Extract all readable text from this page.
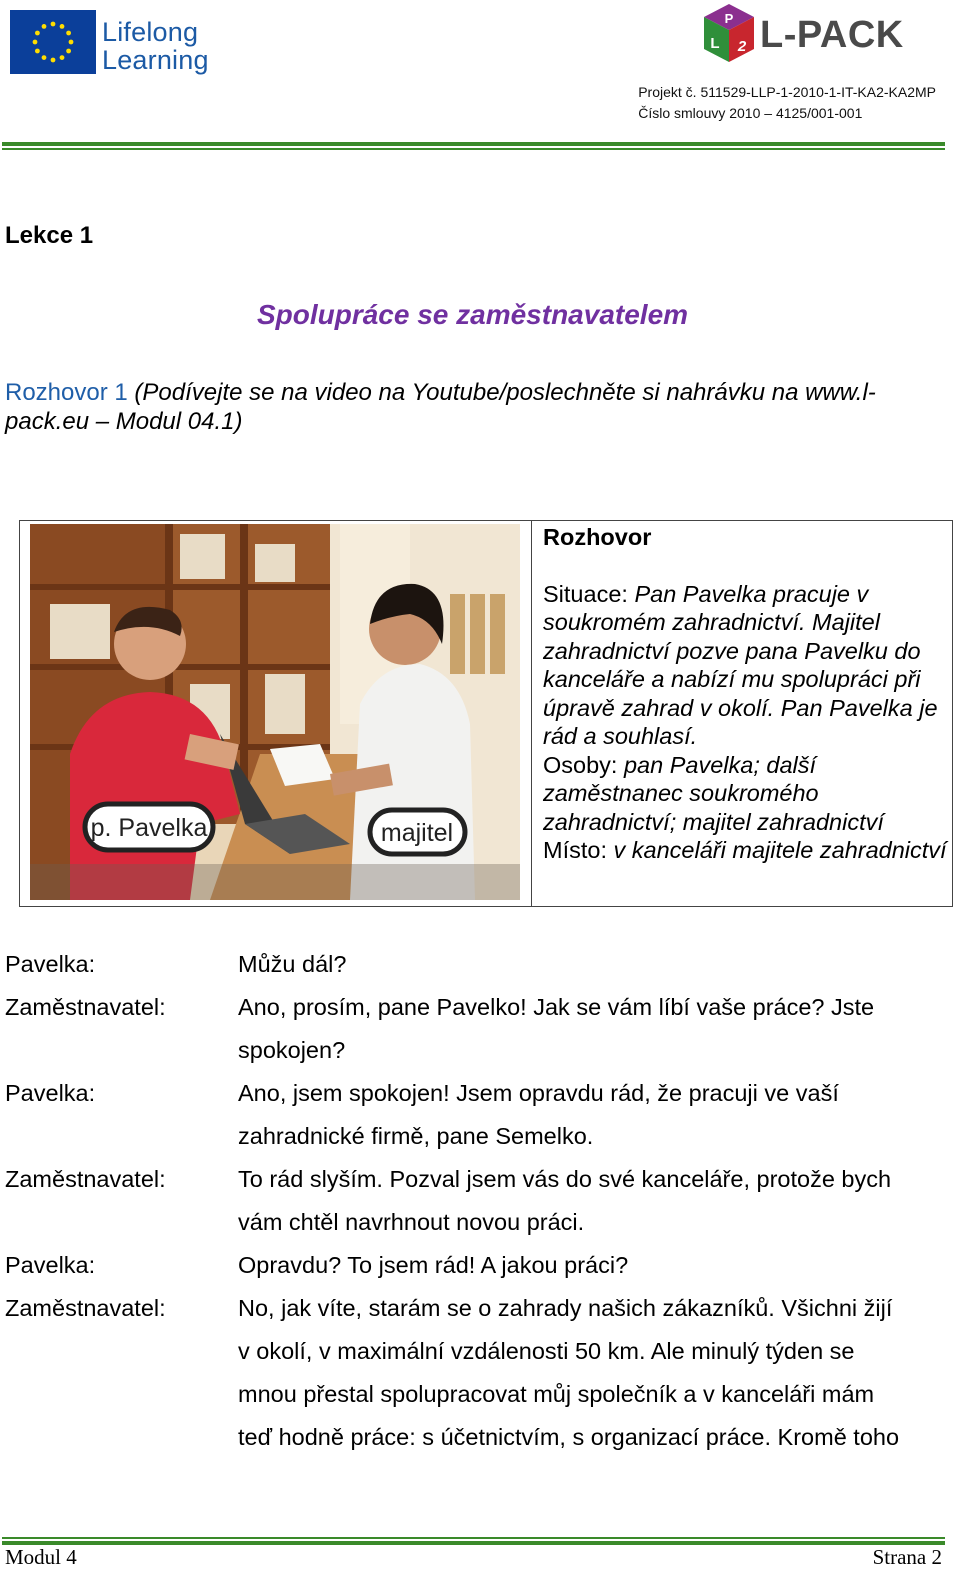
Lifelong
Learning
P
L 2 L-PACK
Projekt č. 511529-LLP-1-2010-1-IT-KA2-KA2MP
Číslo smlouvy 2010 – 4125/001-001
Lekce 1
Spolupráce se zaměstnavatelem
Rozhovor 1 (Podívejte se na video na Youtube/poslechněte si nahrávku na www.l-pack.eu – Modul 04.1)
p. Pavelka	majitel
Rozhovor
Situace: Pan Pavelka pracuje v soukromém zahradnictví. Majitel zahradnictví pozve pana Pavelku do kanceláře a nabízí mu spolupráci při úpravě zahrad v okolí. Pan Pavelka je rád a souhlasí.
Osoby: pan Pavelka; další zaměstnanec soukromého zahradnictví; majitel zahradnictví
Místo: v kanceláři majitele zahradnictví
Pavelka:	Můžu dál?
Zaměstnavatel:	Ano, prosím, pane Pavelko! Jak se vám líbí vaše práce? Jste
spokojen?
Pavelka:	Ano, jsem spokojen! Jsem opravdu rád, že pracuji ve vaší
zahradnické firmě, pane Semelko.
Zaměstnavatel:	To rád slyším. Pozval jsem vás do své kanceláře, protože bych
vám chtěl navrhnout novou práci.
Pavelka:	Opravdu? To jsem rád! A jakou práci?
Zaměstnavatel:	No, jak víte, starám se o zahrady našich zákazníků. Všichni žijí
v okolí, v maximální vzdálenosti 50 km. Ale minulý týden se
mnou přestal spolupracovat můj společník a v kanceláři mám
teď hodně práce: s účetnictvím, s organizací práce. Kromě toho
Modul 4	Strana 2
